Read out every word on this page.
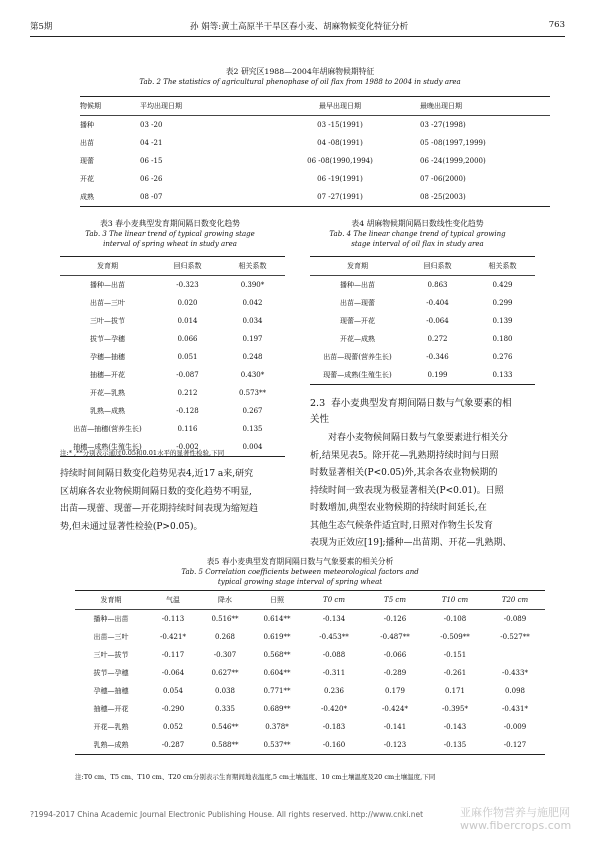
第5期	孙 娟等:黄土高原半干旱区春小麦、胡麻物候变化特征分析	763
表2 研究区1988—2004年胡麻物候期特征
Tab. 2 The statistics of agricultural phenophase of oil flax from 1988 to 2004 in study area
物候期	平均出现日期	最早出现日期	最晚出现日期
播种	03 -20	03 -15(1991)	03 -27(1998)
出苗	04 -21	04 -08(1991)	05 -08(1997,1999)
现蕾	06 -15	06 -08(1990,1994)	06 -24(1999,2000)
开花	06 -26	06 -19(1991)	07 -06(2000)
成熟	08 -07	07 -27(1991)	08 -25(2003)
表3 春小麦典型发育期间隔日数变化趋势
Tab. 3 The linear trend of typical growing stage
interval of spring wheat in study area
发育期	回归系数	相关系数
播种—出苗	-0.323	0.390*
出苗—三叶	0.020	0.042
三叶—拔节	0.014	0.034
拔节—孕穗	0.066	0.197
孕穗—抽穗	0.051	0.248
抽穗—开花	-0.087	0.430*
开花—乳熟	0.212	0.573**
乳熟—成熟	-0.128	0.267
出苗—抽穗(营养生长)	0.116	0.135
抽穗—成熟(生殖生长)	-0.002	0.004
注:* ,**分别表示通过0.05和0.01水平的显著性检验,下同
持续时间间隔日数变化趋势见表4,近17 a来,研究
区胡麻各农业物候期间隔日数的变化趋势不明显,
出苗—现蕾、现蕾—开花期持续时间表现为缩短趋
势,但未通过显著性检验(P>0.05)。
表4 胡麻物候期间隔日数线性变化趋势
Tab. 4 The linear change trend of typical growing
stage interval of oil flax in study area
发育期	回归系数	相关系数
播种—出苗	0.863	0.429
出苗—现蕾	-0.404	0.299
现蕾—开花	-0.064	0.139
开花—成熟	0.272	0.180
出苗—现蕾(营养生长)	-0.346	0.276
现蕾—成熟(生殖生长)	0.199	0.133
2.3 春小麦典型发育期间隔日数与气象要素的相
关性
对春小麦物候间隔日数与气象要素进行相关分
析,结果见表5。除开花—乳熟期持续时间与日照
时数显著相关(P<0.05)外,其余各农业物候期的
持续时间一致表现为极显著相关(P<0.01)。日照
时数增加,典型农业物候期的持续时间延长,在
其他生态气候条件适宜时,日照对作物生长发育
表现为正效应[19];播种—出苗期、开花—乳熟期、
表5 春小麦典型发育期间隔日数与气象要素的相关分析
Tab. 5 Correlation coefficients between meteorological factors and
typical growing stage interval of spring wheat
发育期	气温	降水	日照	T0 cm	T5 cm	T10 cm	T20 cm
播种—出苗	-0.113	0.516**	0.614**	-0.134	-0.126	-0.108	-0.089
出苗—三叶	-0.421*	0.268	0.619**	-0.453**	-0.487**	-0.509**	-0.527**
三叶—拔节	-0.117	-0.307	0.568**	-0.088	-0.066	-0.151	
拔节—孕穗	-0.064	0.627**	0.604**	-0.311	-0.289	-0.261	-0.433*
孕穗—抽穗	0.054	0.038	0.771**	0.236	0.179	0.171	0.098
抽穗—开花	-0.290	0.335	0.689**	-0.420*	-0.424*	-0.395*	-0.431*
开花—乳熟	0.052	0.546**	0.378*	-0.183	-0.141	-0.143	-0.009
乳熟—成熟	-0.287	0.588**	0.537**	-0.160	-0.123	-0.135	-0.127
注:T0 cm、T5 cm、T10 cm、T20 cm分别表示生育期间地表温度,5 cm土壤温度、10 cm土壤温度及20 cm土壤温度,下同
?1994-2017 China Academic Journal Electronic Publishing House. All rights reserved. http://www.cnki.net	亚麻作物营养与施肥网
www.fibercrops.com
